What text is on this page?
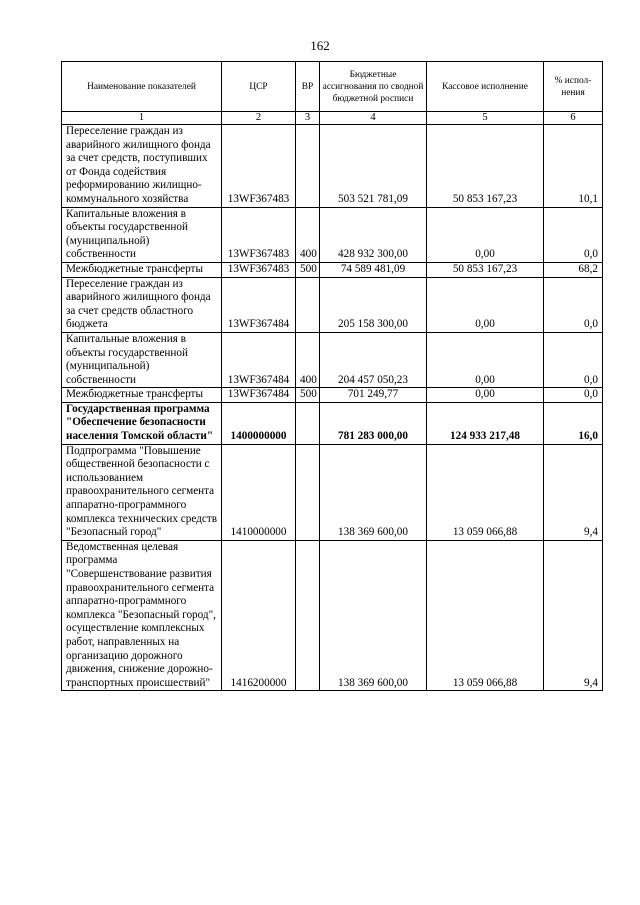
162
Наименование показателей	ЦСР	ВР	Бюджетные ассигнования по сводной бюджетной росписи	Кассовое исполнение	% испол-нения
1	2	3	4	5	6
Переселение граждан из аварийного жилищного фонда за счет средств, поступивших от Фонда содействия реформированию жилищно-коммунального хозяйства	13WF367483		503 521 781,09	50 853 167,23	10,1
Капитальные вложения в объекты государственной (муниципальной) собственности	13WF367483	400	428 932 300,00	0,00	0,0
Межбюджетные трансферты	13WF367483	500	74 589 481,09	50 853 167,23	68,2
Переселение граждан из аварийного жилищного фонда за счет средств областного бюджета	13WF367484		205 158 300,00	0,00	0,0
Капитальные вложения в объекты государственной (муниципальной) собственности	13WF367484	400	204 457 050,23	0,00	0,0
Межбюджетные трансферты	13WF367484	500	701 249,77	0,00	0,0
Государственная программа "Обеспечение безопасности населения Томской области"	1400000000		781 283 000,00	124 933 217,48	16,0
Подпрограмма "Повышение общественной безопасности с использованием правоохранительного сегмента аппаратно-программного комплекса технических средств "Безопасный город"	1410000000		138 369 600,00	13 059 066,88	9,4
Ведомственная целевая программа "Совершенствование развития правоохранительного сегмента аппаратно-программного комплекса "Безопасный город", осуществление комплексных работ, направленных на организацию дорожного движения, снижение дорожно-транспортных происшествий"	1416200000		138 369 600,00	13 059 066,88	9,4
